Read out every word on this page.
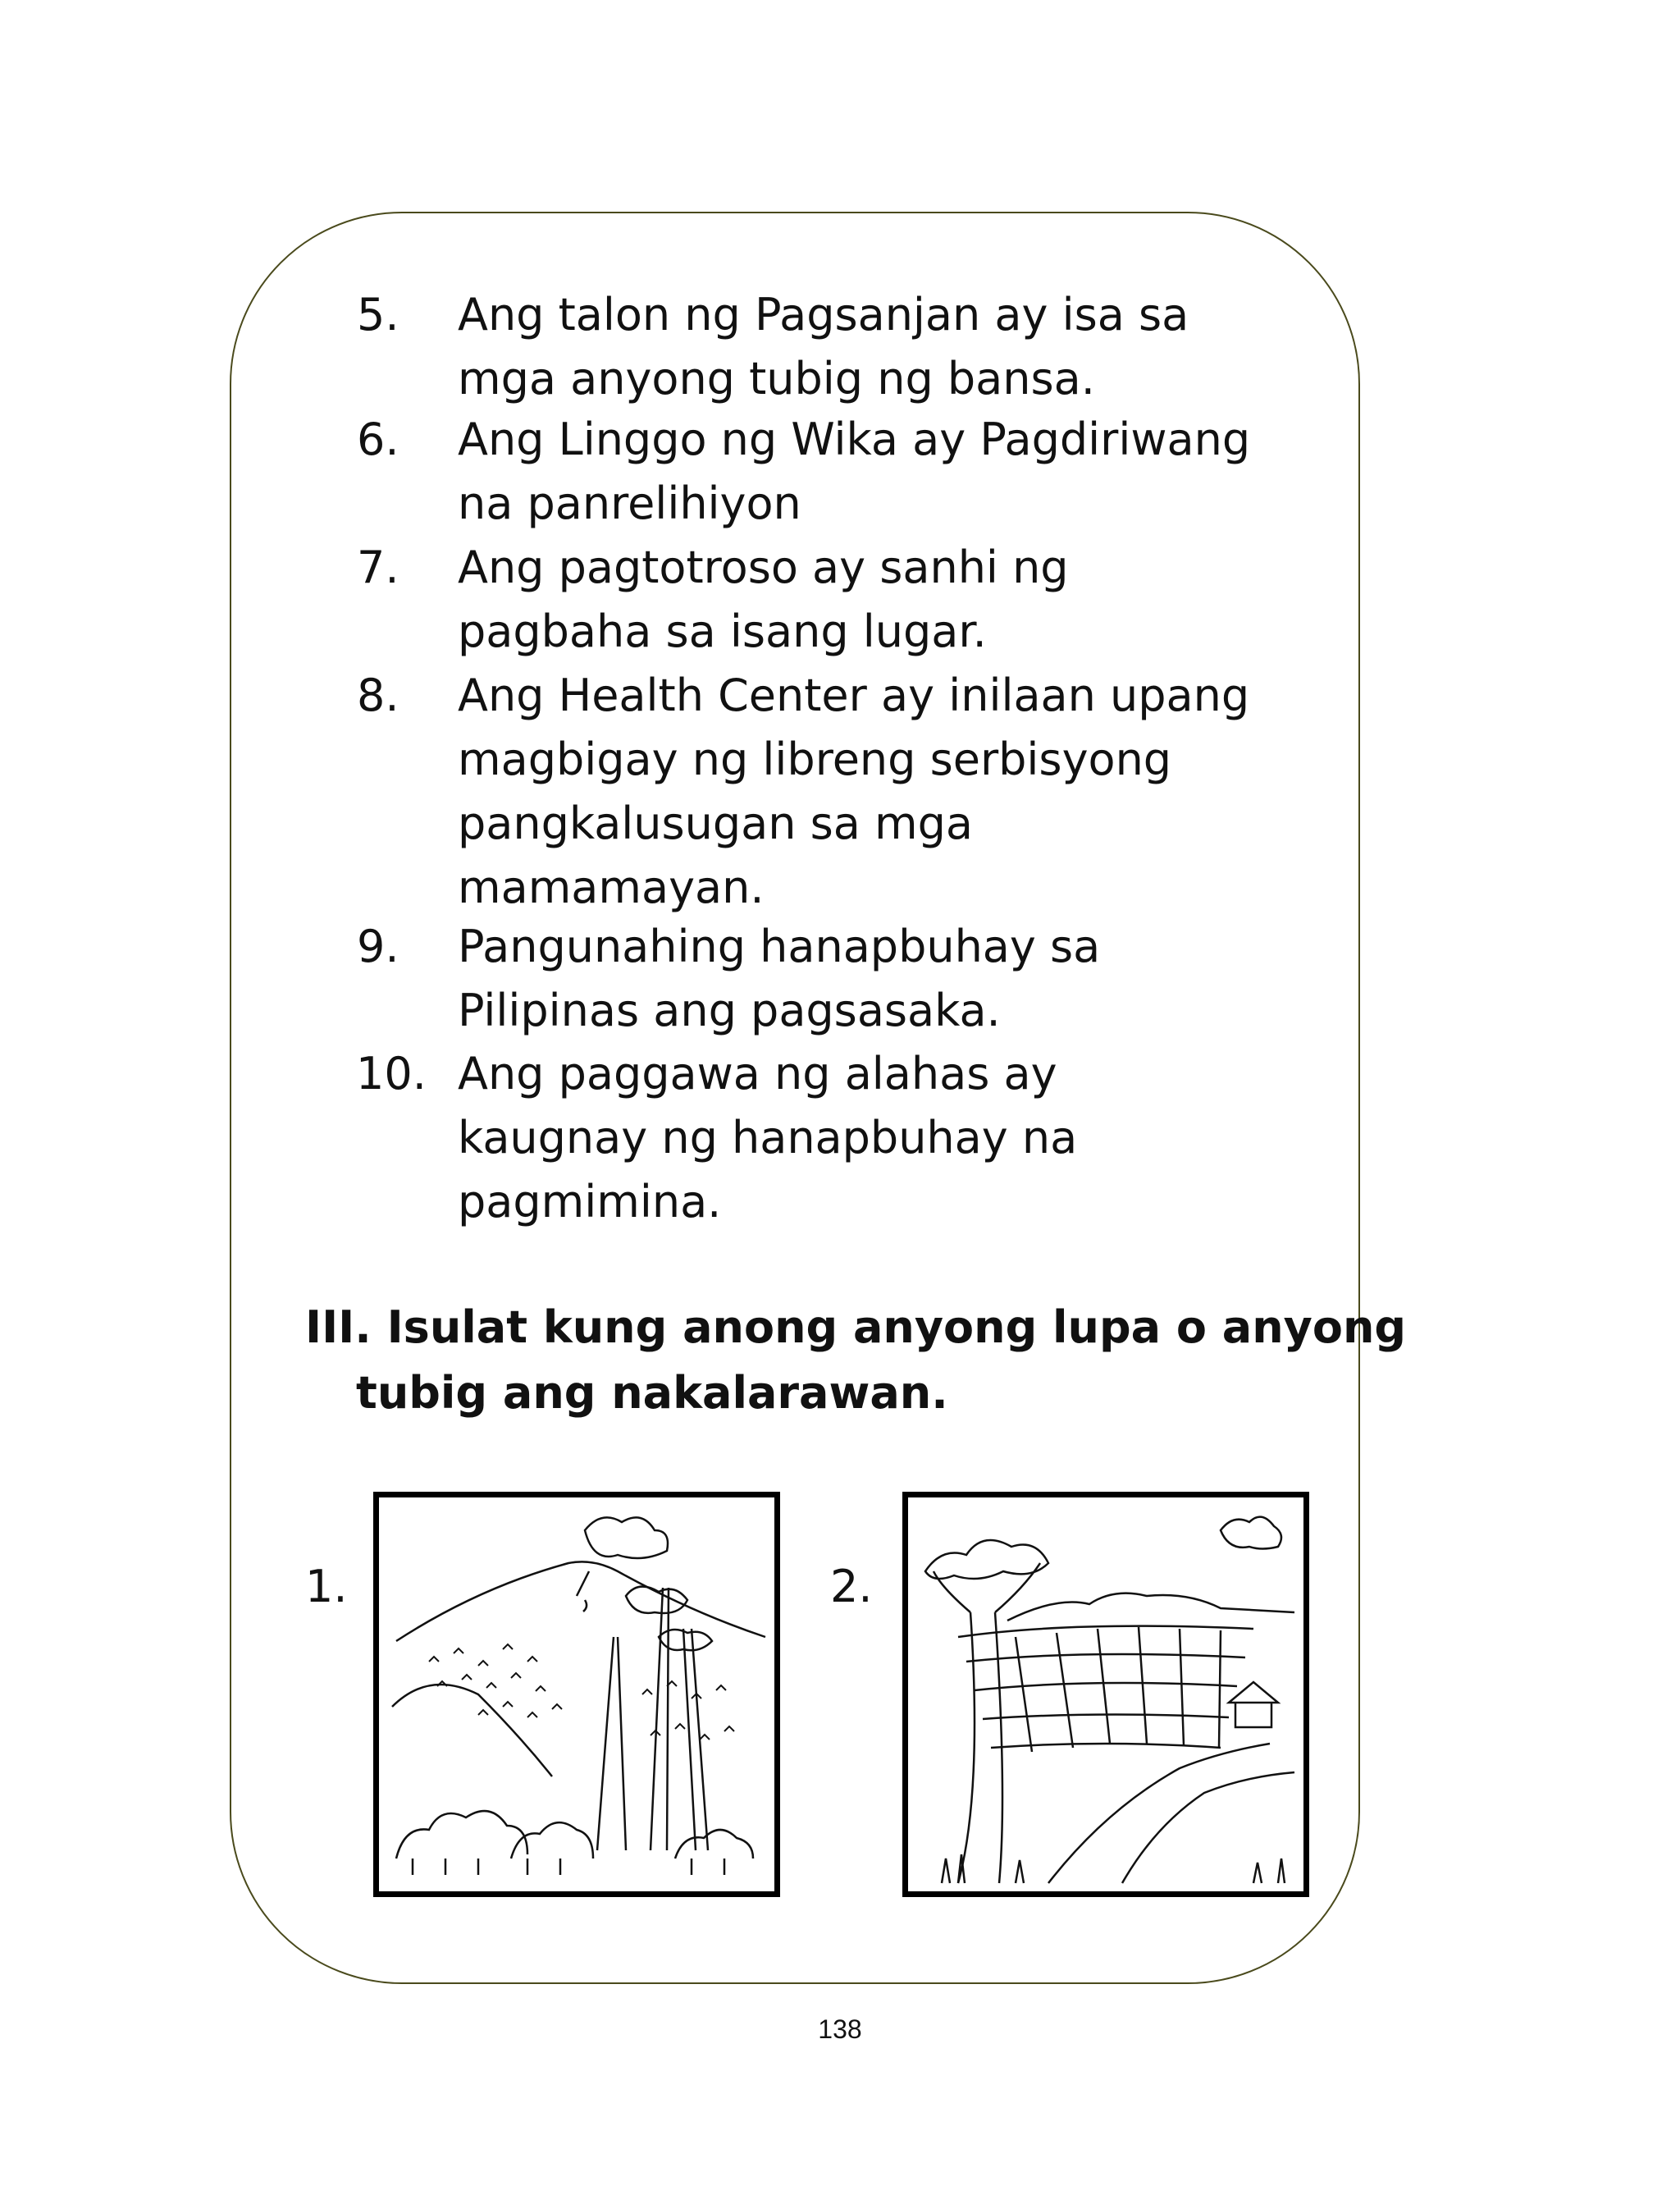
5. Ang talon ng Pagsanjan ay isa sa
mga anyong tubig ng bansa.
6. Ang Linggo ng Wika ay Pagdiriwang
na panrelihiyon
7. Ang pagtotroso ay sanhi ng
pagbaha sa isang lugar.
8. Ang Health Center ay inilaan upang
magbigay ng libreng serbisyong
pangkalusugan sa mga
mamamayan.
9. Pangunahing hanapbuhay sa
Pilipinas ang pagsasaka.
10. Ang paggawa ng alahas ay
kaugnay ng hanapbuhay na
pagmimina.
III. Isulat kung anong anyong lupa o anyong
tubig ang nakalarawan.
1.	2.
138
